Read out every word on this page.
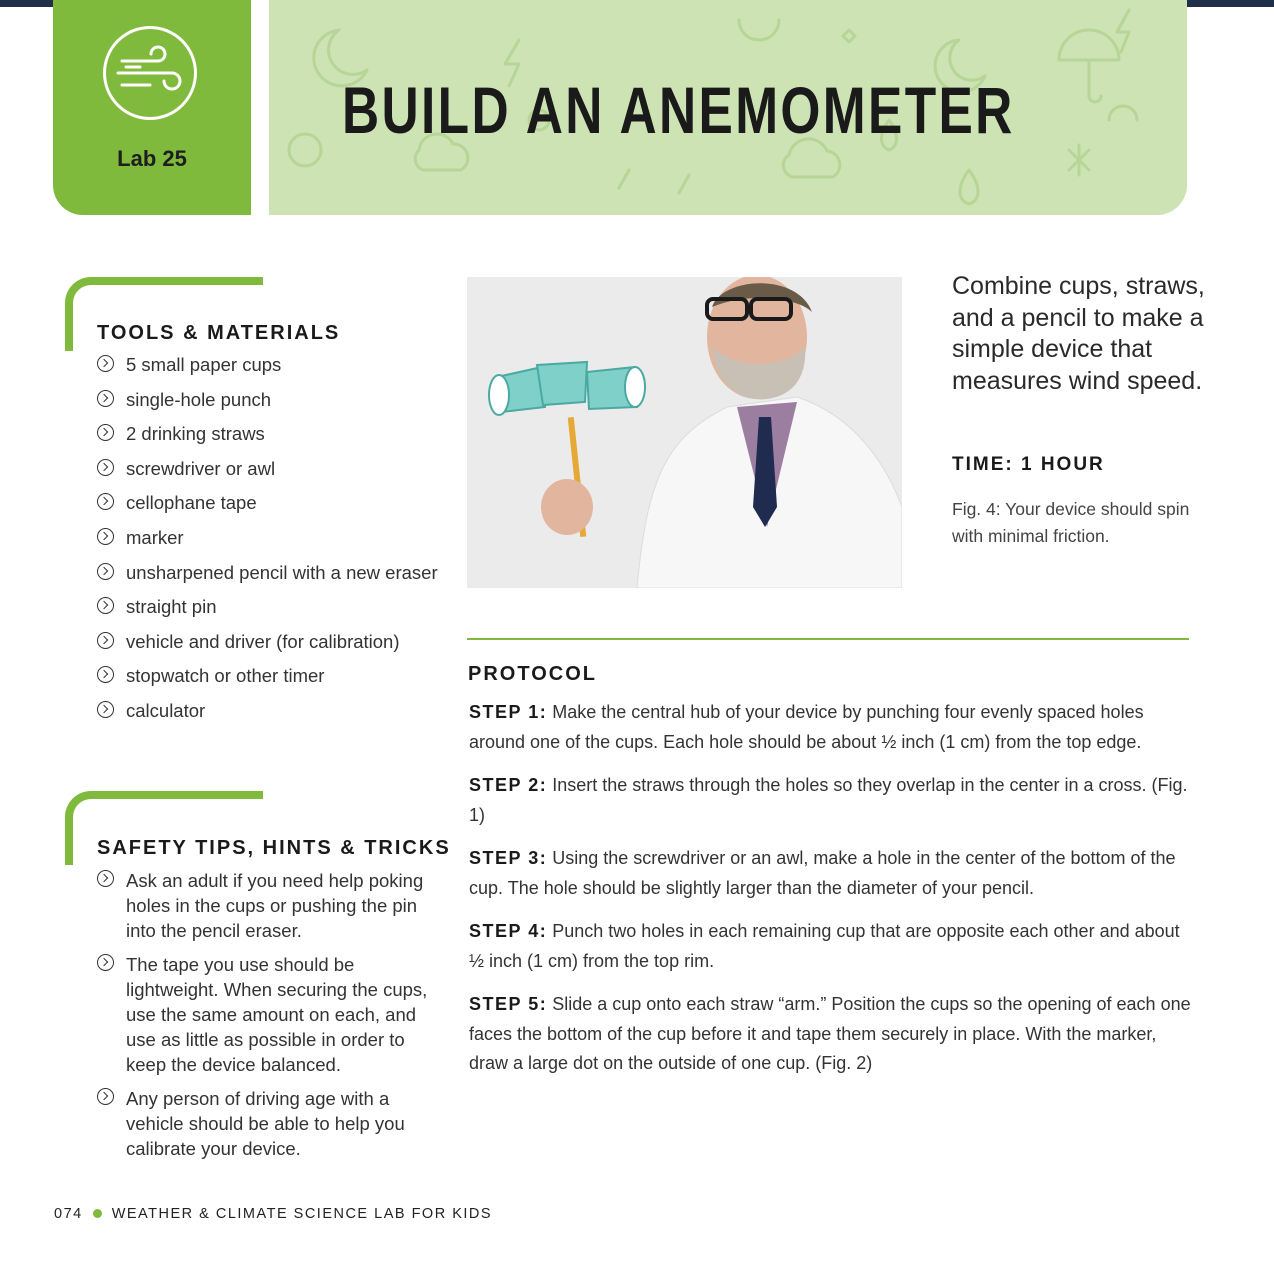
Lab 25
BUILD AN ANEMOMETER
TOOLS & MATERIALS
5 small paper cups
single-hole punch
2 drinking straws
screwdriver or awl
cellophane tape
marker
unsharpened pencil with a new eraser
straight pin
vehicle and driver (for calibration)
stopwatch or other timer
calculator
SAFETY TIPS, HINTS & TRICKS
Ask an adult if you need help poking holes in the cups or pushing the pin into the pencil eraser.
The tape you use should be lightweight. When securing the cups, use the same amount on each, and use as little as possible in order to keep the device balanced.
Any person of driving age with a vehicle should be able to help you calibrate your device.
Combine cups, straws, and a pencil to make a simple device that measures wind speed.
TIME: 1 HOUR
Fig. 4: Your device should spin with minimal friction.
PROTOCOL
STEP 1: Make the central hub of your device by punching four evenly spaced holes around one of the cups. Each hole should be about ½ inch (1 cm) from the top edge.
STEP 2: Insert the straws through the holes so they overlap in the center in a cross. (Fig. 1)
STEP 3: Using the screwdriver or an awl, make a hole in the center of the bottom of the cup. The hole should be slightly larger than the diameter of your pencil.
STEP 4: Punch two holes in each remaining cup that are opposite each other and about ½ inch (1 cm) from the top rim.
STEP 5: Slide a cup onto each straw “arm.” Position the cups so the opening of each one faces the bottom of the cup before it and tape them securely in place. With the marker, draw a large dot on the outside of one cup. (Fig. 2)
074 WEATHER & CLIMATE SCIENCE LAB FOR KIDS
